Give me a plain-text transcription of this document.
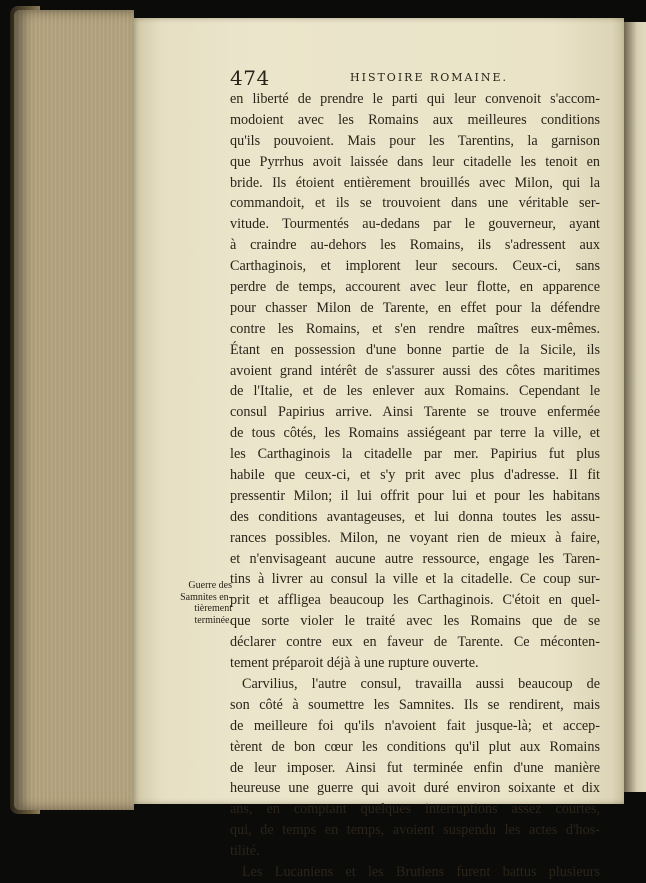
474	HISTOIRE ROMAINE.
Guerre des
Samnites en-
tièrement
terminée.
en liberté de prendre le parti qui leur convenoit s'accom-
modoient avec les Romains aux meilleures conditions
qu'ils pouvoient. Mais pour les Tarentins, la garnison
que Pyrrhus avoit laissée dans leur citadelle les tenoit en
bride. Ils étoient entièrement brouillés avec Milon, qui la
commandoit, et ils se trouvoient dans une véritable ser-
vitude. Tourmentés au-dedans par le gouverneur, ayant
à craindre au-dehors les Romains, ils s'adressent aux
Carthaginois, et implorent leur secours. Ceux-ci, sans
perdre de temps, accourent avec leur flotte, en apparence
pour chasser Milon de Tarente, en effet pour la défendre
contre les Romains, et s'en rendre maîtres eux-mêmes.
Étant en possession d'une bonne partie de la Sicile, ils
avoient grand intérêt de s'assurer aussi des côtes maritimes
de l'Italie, et de les enlever aux Romains. Cependant le
consul Papirius arrive. Ainsi Tarente se trouve enfermée
de tous côtés, les Romains assiégeant par terre la ville, et
les Carthaginois la citadelle par mer. Papirius fut plus
habile que ceux-ci, et s'y prit avec plus d'adresse. Il fit
pressentir Milon; il lui offrit pour lui et pour les habitans
des conditions avantageuses, et lui donna toutes les assu-
rances possibles. Milon, ne voyant rien de mieux à faire,
et n'envisageant aucune autre ressource, engage les Taren-
tins à livrer au consul la ville et la citadelle. Ce coup sur-
prit et affligea beaucoup les Carthaginois. C'étoit en quel-
que sorte violer le traité avec les Romains que de se
déclarer contre eux en faveur de Tarente. Ce méconten-
tement préparoit déjà à une rupture ouverte.
Carvilius, l'autre consul, travailla aussi beaucoup de
son côté à soumettre les Samnites. Ils se rendirent, mais
de meilleure foi qu'ils n'avoient fait jusque-là; et accep-
tèrent de bon cœur les conditions qu'il plut aux Romains
de leur imposer. Ainsi fut terminée enfin d'une manière
heureuse une guerre qui avoit duré environ soixante et dix
ans, en comptant quelques interruptions assez courtes,
qui, de temps en temps, avoient suspendu les actes d'hos-
tilité.
Les Lucaniens et les Brutiens furent battus plusieurs
